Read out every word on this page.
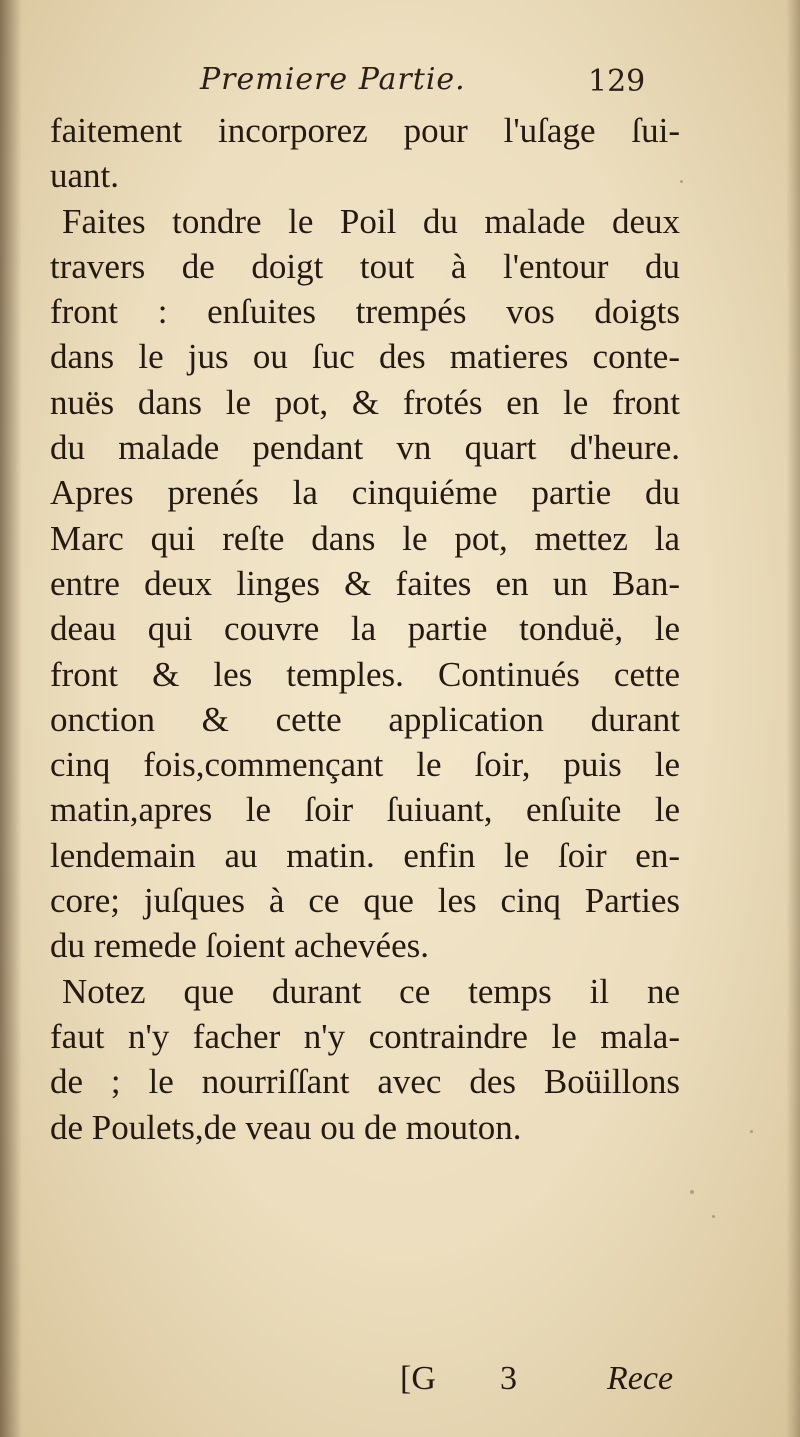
Premiere Partie.	129
faitement incorporez pour l'uſage ſui-
uant.
Faites tondre le Poil du malade deux
travers de doigt tout à l'entour du
front : enſuites trempés vos doigts
dans le jus ou ſuc des matieres conte-
nuës dans le pot, & frotés en le front
du malade pendant vn quart d'heure.
Apres prenés la cinquiéme partie du
Marc qui reſte dans le pot, mettez la
entre deux linges & faites en un Ban-
deau qui couvre la partie tonduë, le
front & les temples. Continués cette
onction & cette application durant
cinq fois,commençant le ſoir, puis le
matin,apres le ſoir ſuiuant, enſuite le
lendemain au matin. enfin le ſoir en-
core; juſques à ce que les cinq Parties
du remede ſoient achevées.
Notez que durant ce temps il ne
faut n'y facher n'y contraindre le mala-
de ; le nourriſſant avec des Boüillons
de Poulets,de veau ou de mouton.
[G 3	Rece
